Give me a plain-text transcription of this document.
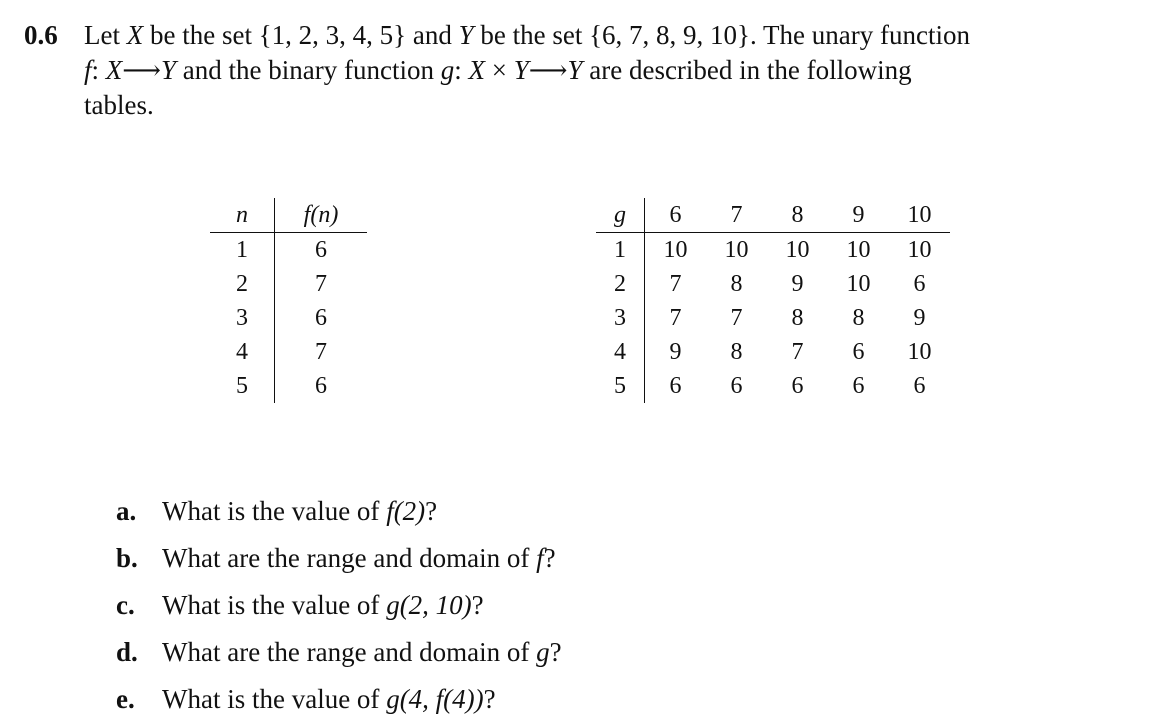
0.6 Let X be the set {1, 2, 3, 4, 5} and Y be the set {6, 7, 8, 9, 10}. The unary function
f: X⟶Y and the binary function g: X × Y⟶Y are described in the following
tables.
n	f(n)
1	6
2	7
3	6
4	7
5	6
g	6	7	8	9	10
1	10	10	10	10	10
2	7	8	9	10	6
3	7	7	8	8	9
4	9	8	7	6	10
5	6	6	6	6	6
a. What is the value of f(2)?
b. What are the range and domain of f?
c. What is the value of g(2, 10)?
d. What are the range and domain of g?
e. What is the value of g(4, f(4))?
